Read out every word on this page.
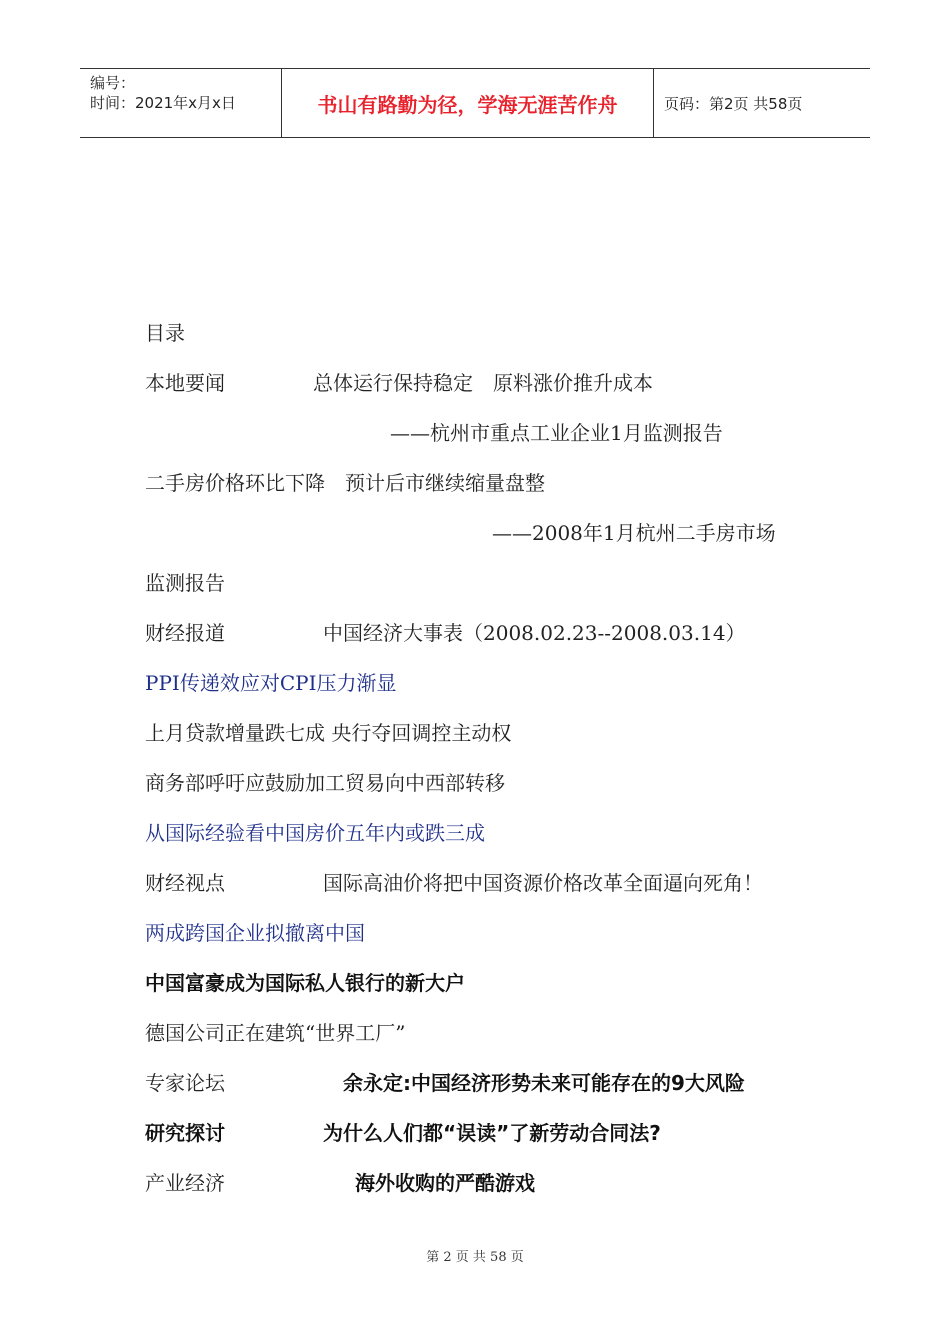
编号：
时间：2021年x月x日	书山有路勤为径，学海无涯苦作舟	页码：第2页 共58页
目录
本地要闻	总体运行保持稳定　原料涨价推升成本
——杭州市重点工业企业1月监测报告
二手房价格环比下降　预计后市继续缩量盘整
——2008年1月杭州二手房市场
监测报告
财经报道	中国经济大事表（2008.02.23--2008.03.14）
PPI传递效应对CPI压力渐显
上月贷款增量跌七成 央行夺回调控主动权
商务部呼吁应鼓励加工贸易向中西部转移
从国际经验看中国房价五年内或跌三成
财经视点	国际高油价将把中国资源价格改革全面逼向死角！
两成跨国企业拟撤离中国
中国富豪成为国际私人银行的新大户
德国公司正在建筑“世界工厂”
专家论坛	余永定:中国经济形势未来可能存在的9大风险
研究探讨	为什么人们都“误读”了新劳动合同法?
产业经济	海外收购的严酷游戏
第 2 页 共 58 页
